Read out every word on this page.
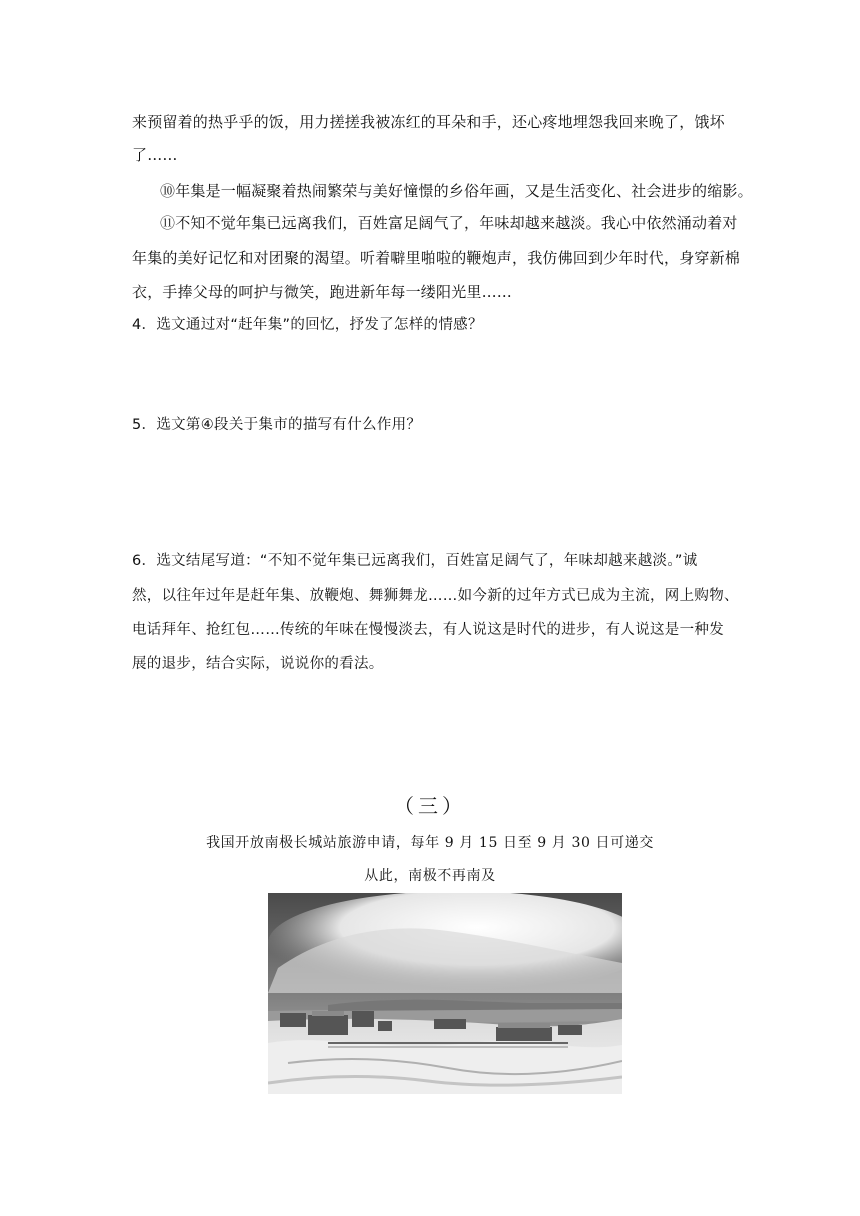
来预留着的热乎乎的饭，用力搓搓我被冻红的耳朵和手，还心疼地埋怨我回来晚了，饿坏
了……
⑩年集是一幅凝聚着热闹繁荣与美好憧憬的乡俗年画，又是生活变化、社会进步的缩影。
⑪不知不觉年集已远离我们，百姓富足阔气了，年味却越来越淡。我心中依然涌动着对
年集的美好记忆和对团聚的渴望。听着噼里啪啦的鞭炮声，我仿佛回到少年时代，身穿新棉
衣，手捧父母的呵护与微笑，跑进新年每一缕阳光里……
4．选文通过对“赶年集”的回忆，抒发了怎样的情感？
5．选文第④段关于集市的描写有什么作用？
6．选文结尾写道：“不知不觉年集已远离我们，百姓富足阔气了，年味却越来越淡。”诚
然，以往年过年是赶年集、放鞭炮、舞狮舞龙……如今新的过年方式已成为主流，网上购物、
电话拜年、抢红包……传统的年味在慢慢淡去，有人说这是时代的进步，有人说这是一种发
展的退步，结合实际，说说你的看法。
（三）
我国开放南极长城站旅游申请，每年 9 月 15 日至 9 月 30 日可递交
从此，南极不再南及
